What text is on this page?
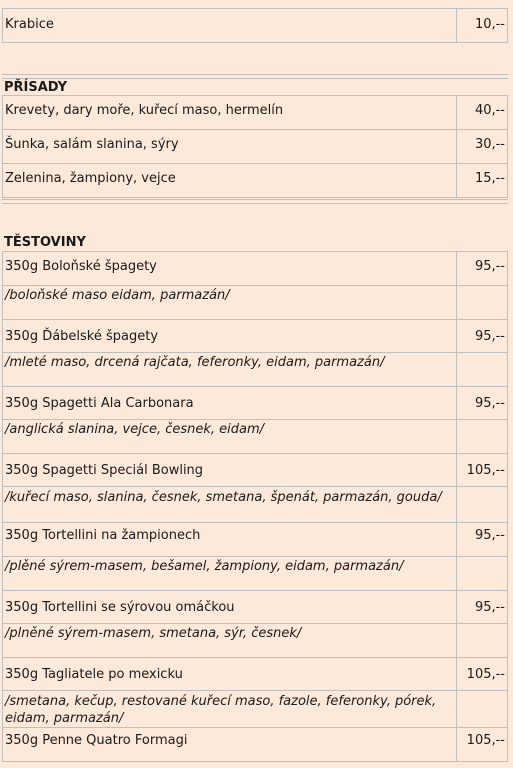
Krabice	10,--
PŘÍSADY
Krevety, dary moře, kuřecí maso, hermelín	40,--
Šunka, salám slanina, sýry	30,--
Zelenina, žampiony, vejce	15,--
TĚSTOVINY
350g Boloňské špagety	95,--
/boloňské maso eidam, parmazán/	
350g Ďábelské špagety	95,--
/mleté maso, drcená rajčata, feferonky, eidam, parmazán/	
350g Spagetti Ala Carbonara	95,--
/anglická slanina, vejce, česnek, eidam/	
350g Spagetti Speciál Bowling	105,--
/kuřecí maso, slanina, česnek, smetana, špenát, parmazán, gouda/	
350g Tortellini na žampionech	95,--
/plěné sýrem-masem, bešamel, žampiony, eidam, parmazán/	
350g Tortellini se sýrovou omáčkou	95,--
/plněné sýrem-masem, smetana, sýr, česnek/	
350g Tagliatele po mexicku	105,--
/smetana, kečup, restované kuřecí maso, fazole, feferonky, pórek, eidam, parmazán/	
350g Penne Quatro Formagi	105,--
